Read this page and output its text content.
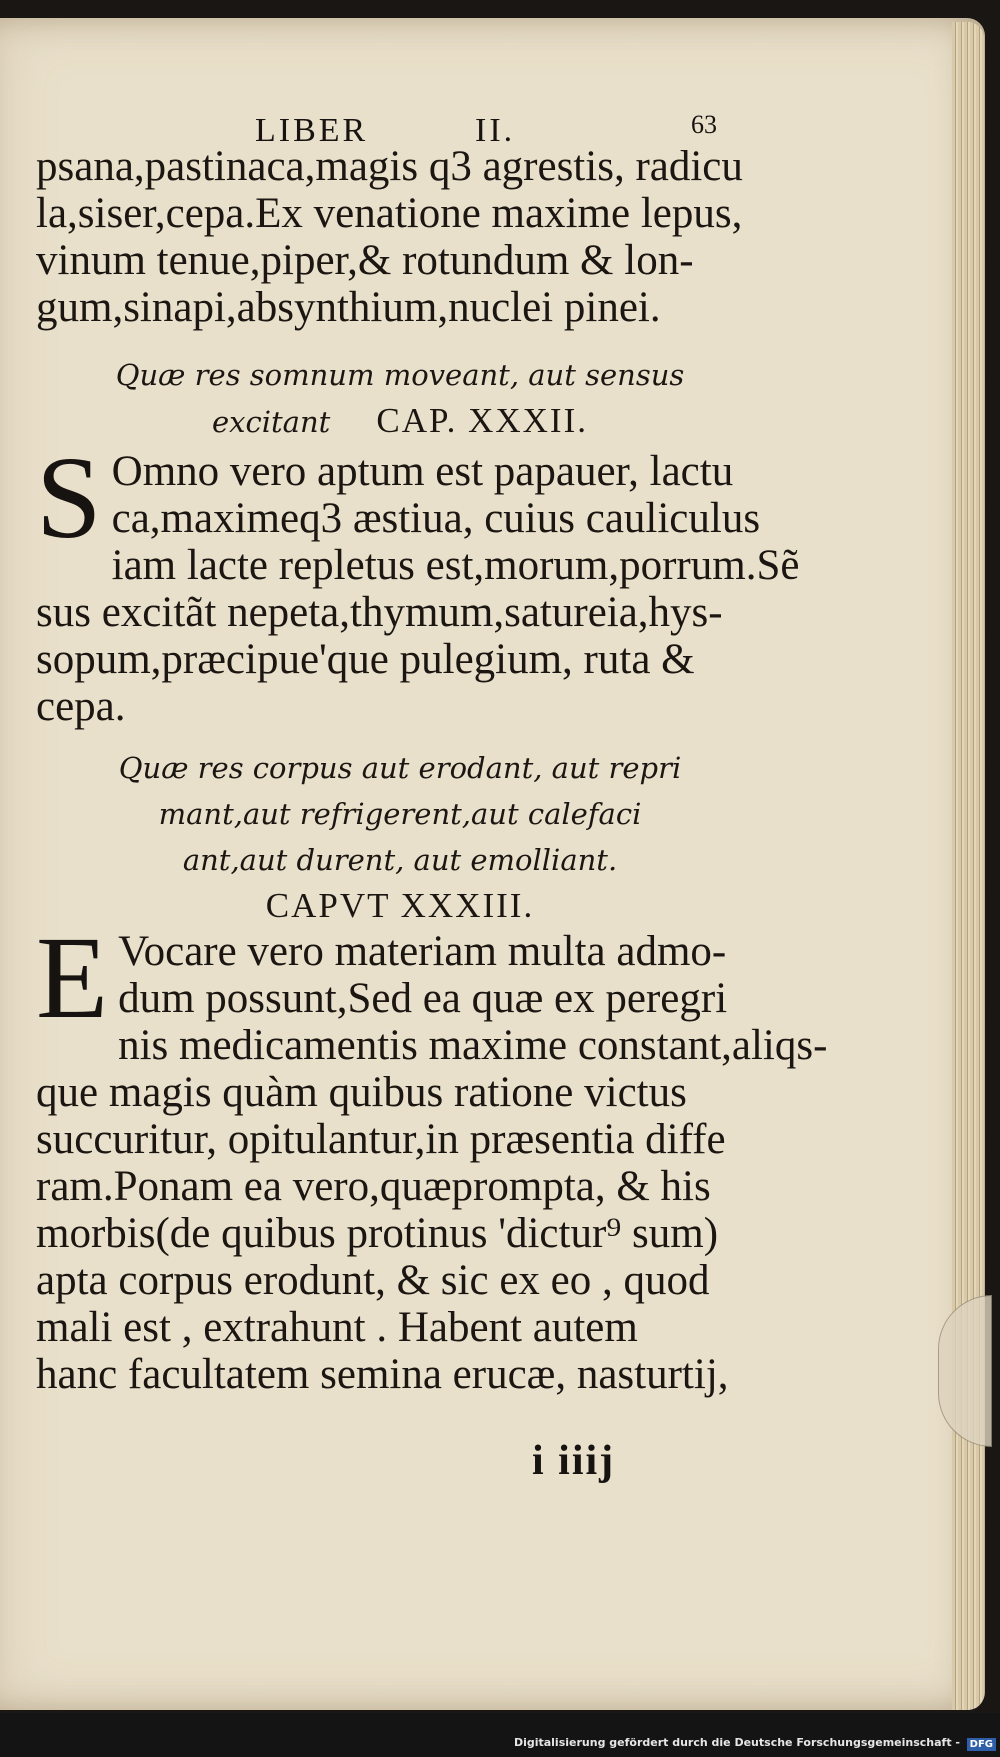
LIBER	II.	63
psana,pastinaca,magis q3 agrestis, radicu
la,siser,cepa.Ex venatione maxime lepus,
vinum tenue,piper,& rotundum & lon-
gum,sinapi,absynthium,nuclei pinei.
Quæ res somnum moveant, aut sensus
excitant CAP. XXXII.
S Omno vero aptum est papauer, lactu
ca,maximeq3 æstiua, cuius cauliculus
iam lacte repletus est,morum,porrum.Sẽ
sus excitãt nepeta,thymum,satureia,hys-
sopum,præcipue'que pulegium, ruta &
cepa.
Quæ res corpus aut erodant, aut repri
mant,aut refrigerent,aut calefaci
ant,aut durent, aut emolliant.
CAPVT XXXIII.
E Vocare vero materiam multa admo-
dum possunt,Sed ea quæ ex peregri
nis medicamentis maxime constant,aliqs-
que magis quàm quibus ratione victus
succuritur, opitulantur,in præsentia diffe
ram.Ponam ea vero,quæprompta, & his
morbis(de quibus protinus 'dictur⁹ sum)
apta corpus erodunt, & sic ex eo , quod
mali est , extrahunt . Habent autem
hanc facultatem semina erucæ, nasturtij,
i iiij
Digitalisierung gefördert durch die Deutsche Forschungsgemeinschaft - DFG
